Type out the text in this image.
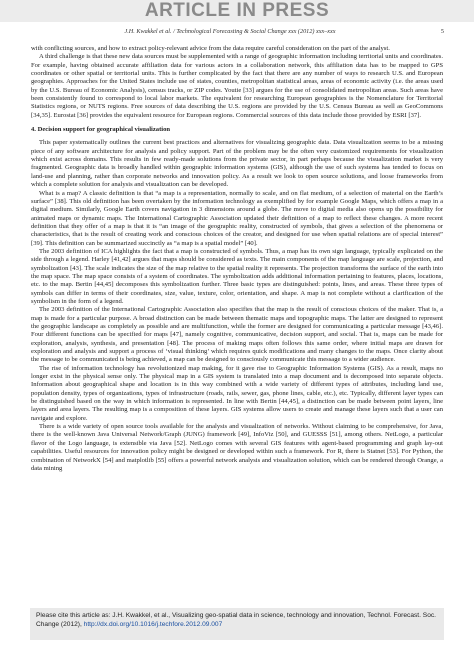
ARTICLE IN PRESS
J.H. Kwakkel et al. / Technological Forecasting & Social Change xxx (2012) xxx–xxx	5

with conflicting sources, and how to extract policy-relevant advice from the data require careful consideration on the part of the analyst.

A third challenge is that these new data sources must be supplemented with a range of geographic information including territorial units and coordinates. For example, having obtained accurate affiliation data for various actors in a collaboration network, this affiliation data has to be mapped to GPS coordinates or other spatial or territorial units. This is further complicated by the fact that there are any number of ways to research U.S. and European geographies. Approaches for the United States include use of states, counties, metropolitan statistical areas, areas of economic activity (i.e. the areas used by the U.S. Bureau of Economic Analysis), census tracks, or ZIP codes. Youtie [33] argues for the use of consolidated metropolitan areas. Such areas have been consistently found to correspond to local labor markets. The equivalent for researching European geographies is the Nomenclature for Territorial Statistics regions, or NUTS regions. Free sources of data describing the U.S. regions are provided by the U.S. Census Bureau as well as GeoCommons [34,35]. Eurostat [36] provides the equivalent resource for European regions. Commercial sources of this data include those provided by ESRI [37].

4. Decision support for geographical visualization

This paper systematically outlines the current best practices and alternatives for visualizing geographic data. Data visualization seems to be a missing piece of any software architecture for analysis and policy support. Part of the problem may be the often very customized requirements for visualization which exist across domains. This results in few ready-made solutions from the private sector, in part perhaps because the visualization market is very fragmented. Geographic data is broadly handled within geographic information systems (GIS), although the use of such systems has tended to focus on land-use and planning, rather than corporate networks and innovation policy. As a result we look to open source solutions, and loose frameworks from which a complete solution for analysis and visualization can be developed.

What is a map? A classic definition is that “a map is a representation, normally to scale, and on flat medium, of a selection of material on the Earth’s surface” [38]. This old definition has been overtaken by the information technology as exemplified by for example Google Maps, which offers a map in a digital medium. Similarly, Google Earth covers navigation in 3 dimensions around a globe. The move to digital media also opens up the possibility for animated maps or dynamic maps. The International Cartographic Association updated their definition of a map to reflect these changes. A more recent definition that they offer of a map is that it is “an image of the geographic reality, constructed of symbols, that gives a selection of the phenomena or characteristics, that is the result of creating work and conscious choices of the creator, and designed for use when spatial relations are of special interest” [39]. This definition can be summarized succinctly as “a map is a spatial model” [40].

The 2003 definition of ICA highlights the fact that a map is constructed of symbols. Thus, a map has its own sign language, typically explicated on the side through a legend. Harley [41,42] argues that maps should be considered as texts. The main components of the map language are scale, projection, and symbolization [43]. The scale indicates the size of the map relative to the spatial reality it represents. The projection transforms the surface of the earth into the map space. The map space consists of a system of coordinates. The symbolization adds additional information pertaining to features, places, locations, etc. to the map. Bertin [44,45] decomposes this symbolization further. Three basic types are distinguished: points, lines, and areas. These three types of symbols can differ in terms of their coordinates, size, value, texture, color, orientation, and shape. A map is not complete without a clarification of the symbolism in the form of a legend.

The 2003 definition of the International Cartographic Association also specifies that the map is the result of conscious choices of the maker. That is, a map is made for a particular purpose. A broad distinction can be made between thematic maps and topographic maps. The latter are designed to represent the geographic landscape as completely as possible and are multifunction, while the former are designed for communicating a particular message [43,46]. Four different functions can be specified for maps [47], namely cognitive, communicative, decision support, and social. That is, maps can be made for exploration, analysis, synthesis, and presentation [48]. The process of making maps often follows this same order, where initial maps are drawn for exploration and analysis and support a process of ‘visual thinking’ which requires quick modifications and many changes to the maps. Once clarity about the message to be communicated is being achieved, a map can be designed to consciously communicate this message to a wider audience.

The rise of information technology has revolutionized map making, for it gave rise to Geographic Information Systems (GIS). As a result, maps no longer exist in the physical sense only. The physical map in a GIS system is translated into a map document and is decomposed into separate objects. Information about geographical shape and location is in this way combined with a wide variety of different types of attributes, including land use, population density, types of organizations, types of infrastructure (roads, rails, sewer, gas, phone lines, cable, etc.), etc. Typically, different layer types can be distinguished based on the way in which information is represented. In line with Bertin [44,45], a distinction can be made between point layers, line layers and area layers. The resulting map is a composition of these layers. GIS systems allow users to create and manage these layers such that a user can navigate and explore.

There is a wide variety of open source tools available for the analysis and visualization of networks. Without claiming to be comprehensive, for Java, there is the well-known Java Universal Network/Graph (JUNG) framework [49], InfoViz [50], and GUESSS [51], among others. NetLogo, a particular flavor of the Logo language, is extensible via Java [52]. NetLogo comes with several GIS features with agent-based programming and graph lay-out capabilities. Useful resources for innovation policy might be designed or developed within such a framework. For R, there is Statnet [53]. For Python, the combination of NetworkX [54] and matplotlib [55] offers a powerful network analysis and visualization solution, which can be rendered through Orange, a data mining

Please cite this article as: J.H. Kwakkel, et al., Visualizing geo-spatial data in science, technology and innovation, Technol. Forecast. Soc. Change (2012), http://dx.doi.org/10.1016/j.techfore.2012.09.007
